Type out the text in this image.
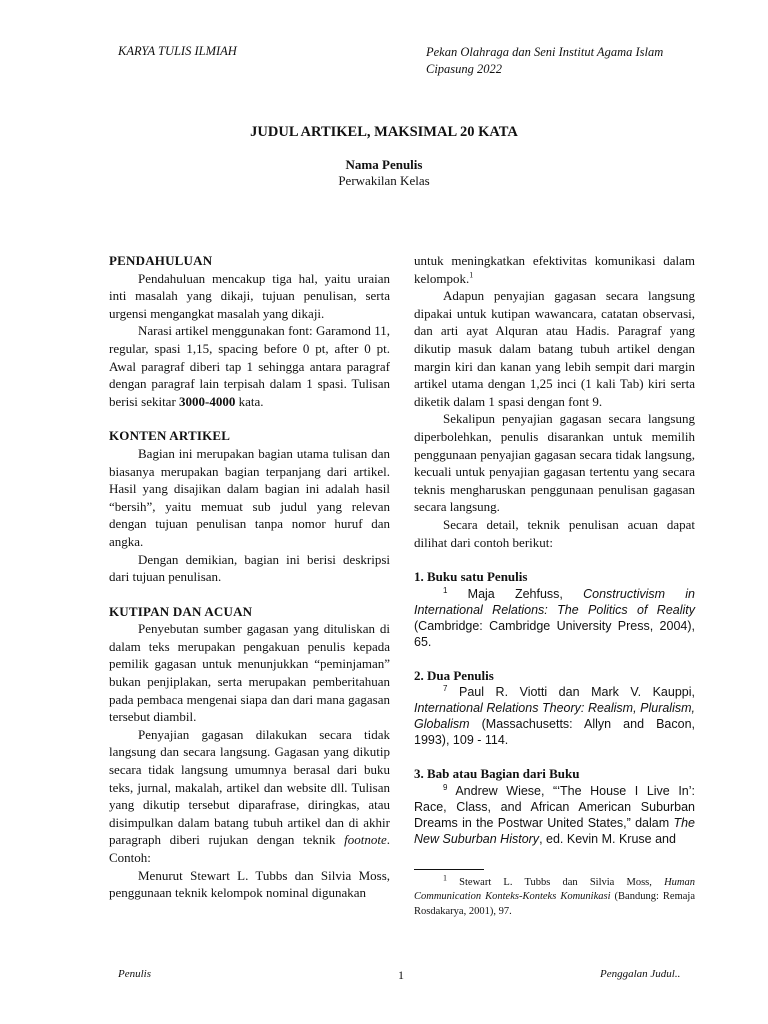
KARYA TULIS ILMIAH	Pekan Olahraga dan Seni Institut Agama Islam
Cipasung 2022
JUDUL ARTIKEL, MAKSIMAL 20 KATA
Nama Penulis
Perwakilan Kelas
PENDAHULUAN

Pendahuluan mencakup tiga hal, yaitu uraian inti masalah yang dikaji, tujuan penulisan, serta urgensi mengangkat masalah yang dikaji.

Narasi artikel menggunakan font: Garamond 11, regular, spasi 1,15, spacing before 0 pt, after 0 pt. Awal paragraf diberi tap 1 sehingga antara paragraf dengan paragraf lain terpisah dalam 1 spasi. Tulisan berisi sekitar 3000-4000 kata.

KONTEN ARTIKEL

Bagian ini merupakan bagian utama tulisan dan biasanya merupakan bagian terpanjang dari artikel. Hasil yang disajikan dalam bagian ini adalah hasil “bersih”, yaitu memuat sub judul yang relevan dengan tujuan penulisan tanpa nomor huruf dan angka.

Dengan demikian, bagian ini berisi deskripsi dari tujuan penulisan.

KUTIPAN DAN ACUAN

Penyebutan sumber gagasan yang dituliskan di dalam teks merupakan pengakuan penulis kepada pemilik gagasan untuk menunjukkan “peminjaman” bukan penjiplakan, serta merupakan pemberitahuan pada pembaca mengenai siapa dan dari mana gagasan tersebut diambil.

Penyajian gagasan dilakukan secara tidak langsung dan secara langsung. Gagasan yang dikutip secara tidak langsung umumnya berasal dari buku teks, jurnal, makalah, artikel dan website dll. Tulisan yang dikutip tersebut diparafrase, diringkas, atau disimpulkan dalam batang tubuh artikel dan di akhir paragraph diberi rujukan dengan teknik footnote. Contoh:

Menurut Stewart L. Tubbs dan Silvia Moss, penggunaan teknik kelompok nominal digunakan

untuk meningkatkan efektivitas komunikasi dalam kelompok.$^1$

Adapun penyajian gagasan secara langsung dipakai untuk kutipan wawancara, catatan observasi, dan arti ayat Alquran atau Hadis. Paragraf yang dikutip masuk dalam batang tubuh artikel dengan margin kiri dan kanan yang lebih sempit dari margin artikel utama dengan 1,25 inci (1 kali Tab) kiri serta diketik dalam 1 spasi dengan font 9.

Sekalipun penyajian gagasan secara langsung diperbolehkan, penulis disarankan untuk memilih penggunaan penyajian gagasan secara tidak langsung, kecuali untuk penyajian gagasan tertentu yang secara teknis mengharuskan penggunaan penulisan gagasan secara langsung.

Secara detail, teknik penulisan acuan dapat dilihat dari contoh berikut:

1. Buku satu Penulis

$^1$ Maja Zehfuss, Constructivism in International Relations: The Politics of Reality (Cambridge: Cambridge University Press, 2004), 65.

2. Dua Penulis

$^7$ Paul R. Viotti dan Mark V. Kauppi, International Relations Theory: Realism, Pluralism, Globalism (Massachusetts: Allyn and Bacon, 1993), 109 - 114.

3. Bab atau Bagian dari Buku

$^9$ Andrew Wiese, “‘The House I Live In’: Race, Class, and African American Suburban Dreams in the Postwar United States,” dalam The New Suburban History, ed. Kevin M. Kruse and

$^1$ Stewart L. Tubbs dan Silvia Moss, Human Communication Konteks-Konteks Komunikasi (Bandung: Remaja Rosdakarya, 2001), 97.

Penulis	1	Penggalan Judul..
